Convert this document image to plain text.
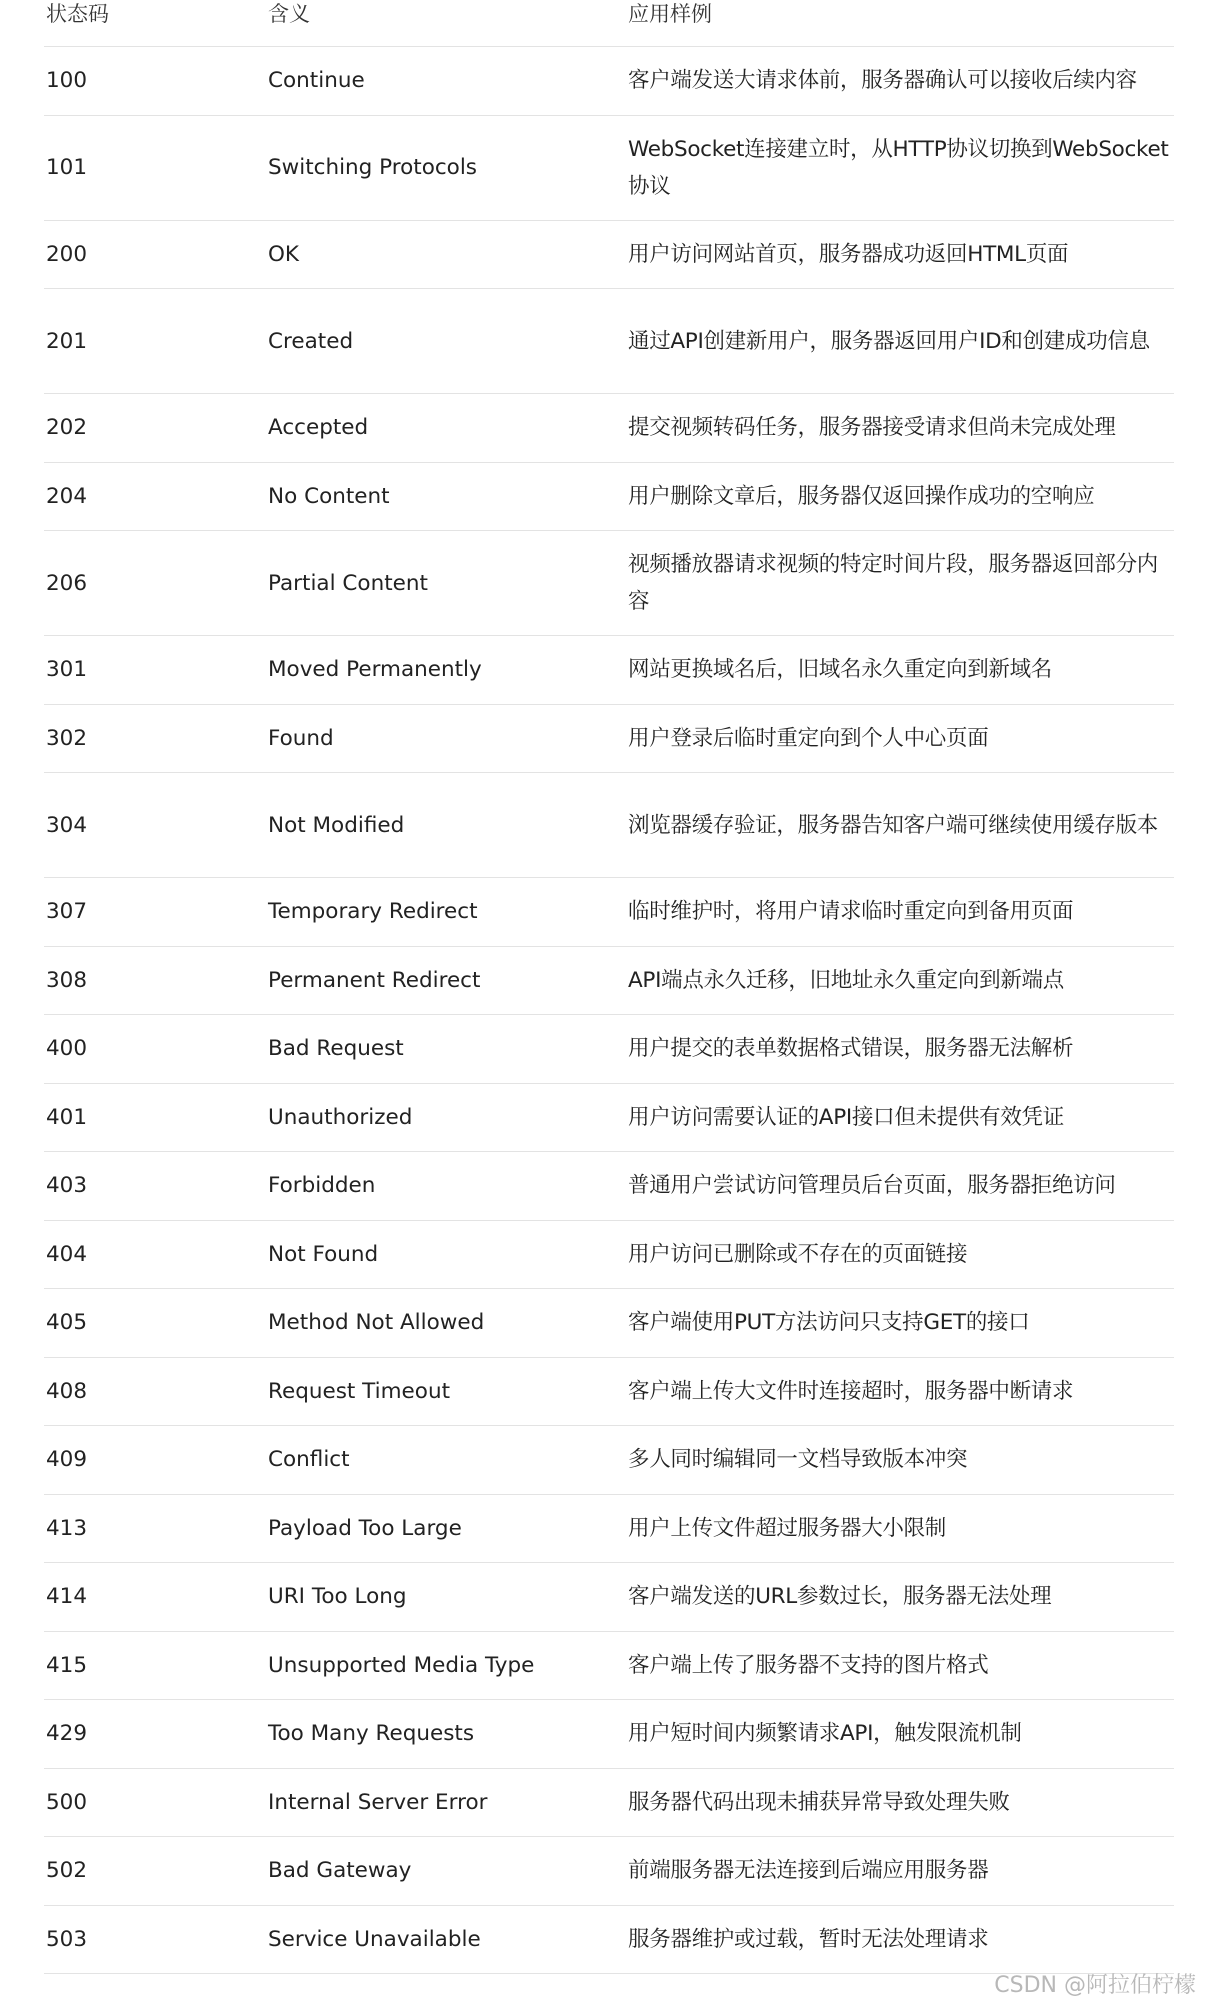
状态码	含义	应用样例
100	Continue	客户端发送大请求体前，服务器确认可以接收后续内容
101	Switching Protocols	WebSocket连接建立时，从HTTP协议切换到WebSocket协议
200	OK	用户访问网站首页，服务器成功返回HTML页面
201	Created	通过API创建新用户，服务器返回用户ID和创建成功信息
202	Accepted	提交视频转码任务，服务器接受请求但尚未完成处理
204	No Content	用户删除文章后，服务器仅返回操作成功的空响应
206	Partial Content	视频播放器请求视频的特定时间片段，服务器返回部分内容
301	Moved Permanently	网站更换域名后，旧域名永久重定向到新域名
302	Found	用户登录后临时重定向到个人中心页面
304	Not Modified	浏览器缓存验证，服务器告知客户端可继续使用缓存版本
307	Temporary Redirect	临时维护时，将用户请求临时重定向到备用页面
308	Permanent Redirect	API端点永久迁移，旧地址永久重定向到新端点
400	Bad Request	用户提交的表单数据格式错误，服务器无法解析
401	Unauthorized	用户访问需要认证的API接口但未提供有效凭证
403	Forbidden	普通用户尝试访问管理员后台页面，服务器拒绝访问
404	Not Found	用户访问已删除或不存在的页面链接
405	Method Not Allowed	客户端使用PUT方法访问只支持GET的接口
408	Request Timeout	客户端上传大文件时连接超时，服务器中断请求
409	Conflict	多人同时编辑同一文档导致版本冲突
413	Payload Too Large	用户上传文件超过服务器大小限制
414	URI Too Long	客户端发送的URL参数过长，服务器无法处理
415	Unsupported Media Type	客户端上传了服务器不支持的图片格式
429	Too Many Requests	用户短时间内频繁请求API，触发限流机制
500	Internal Server Error	服务器代码出现未捕获异常导致处理失败
502	Bad Gateway	前端服务器无法连接到后端应用服务器
503	Service Unavailable	服务器维护或过载，暂时无法处理请求
CSDN @阿拉伯柠檬
